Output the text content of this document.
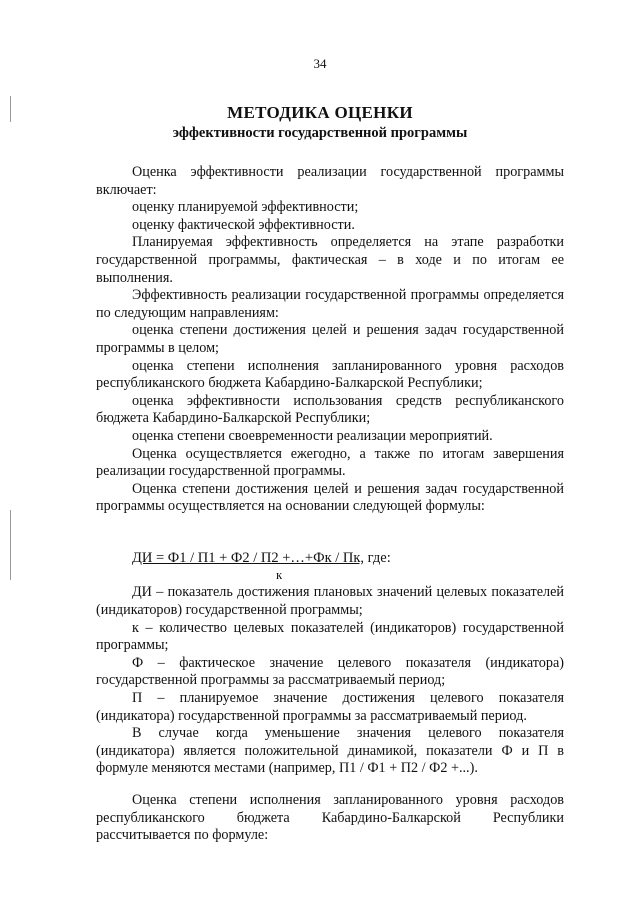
34
МЕТОДИКА ОЦЕНКИ
эффективности государственной программы

Оценка эффективности реализации государственной программы включает:

оценку планируемой эффективности;

оценку фактической эффективности.

Планируемая эффективность определяется на этапе разработки государственной программы, фактическая – в ходе и по итогам ее выполнения.

Эффективность реализации государственной программы определяется по следующим направлениям:

оценка степени достижения целей и решения задач государственной программы в целом;

оценка степени исполнения запланированного уровня расходов республиканского бюджета Кабардино-Балкарской Республики;

оценка эффективности использования средств республиканского бюджета Кабардино-Балкарской Республики;

оценка степени своевременности реализации мероприятий.

Оценка осуществляется ежегодно, а также по итогам завершения реализации государственной программы.

Оценка степени достижения целей и решения задач государственной программы осуществляется на основании следующей формулы:

ДИ = Ф1 / П1 + Ф2 / П2 +…+Фк / Пк, где:

к

ДИ – показатель достижения плановых значений целевых показателей (индикаторов) государственной программы;

к – количество целевых показателей (индикаторов) государственной программы;

Ф – фактическое значение целевого показателя (индикатора) государственной программы за рассматриваемый период;

П – планируемое значение достижения целевого показателя (индикатора) государственной программы за рассматриваемый период.

В случае когда уменьшение значения целевого показателя (индикатора) является положительной динамикой, показатели Ф и П в формуле меняются местами (например, П1 / Ф1 + П2 / Ф2 +...).

Оценка степени исполнения запланированного уровня расходов республиканского бюджета Кабардино-Балкарской Республики рассчитывается по формуле:
